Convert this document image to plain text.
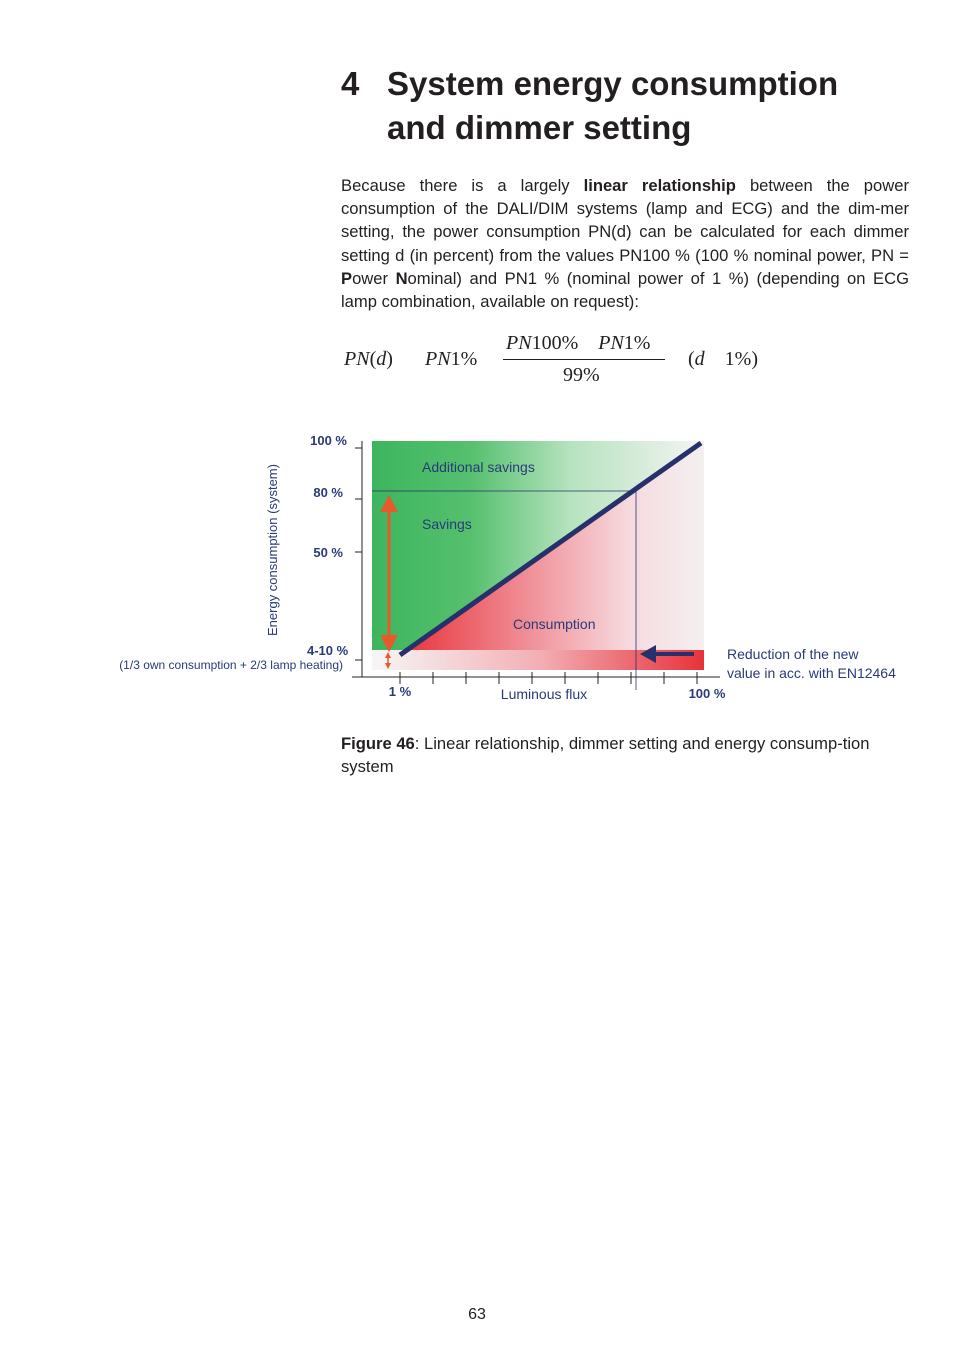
4 System energy consumption
and dimmer setting
Because there is a largely linear relationship between the power consumption of the DALI/DIM systems (lamp and ECG) and the dim-mer setting, the power consumption PN(d) can be calculated for each dimmer setting d (in percent) from the values PN100 % (100 % nominal power, PN = Power Nominal) and PN1 % (nominal power of 1 %) (depending on ECG lamp combination, available on request):
PN(d) PN1%
PN100% PN1%
99%
(d 1%)
Energy consumption (system)
100 %
80 %
50 %
4-10 %
(1/3 own consumption + 2/3 lamp heating)
1 %	100 %
Luminous flux
Additional savings
Savings
Consumption
Reduction of the new
value in acc. with EN12464
Figure 46: Linear relationship, dimmer setting and energy consump-tion system
63
